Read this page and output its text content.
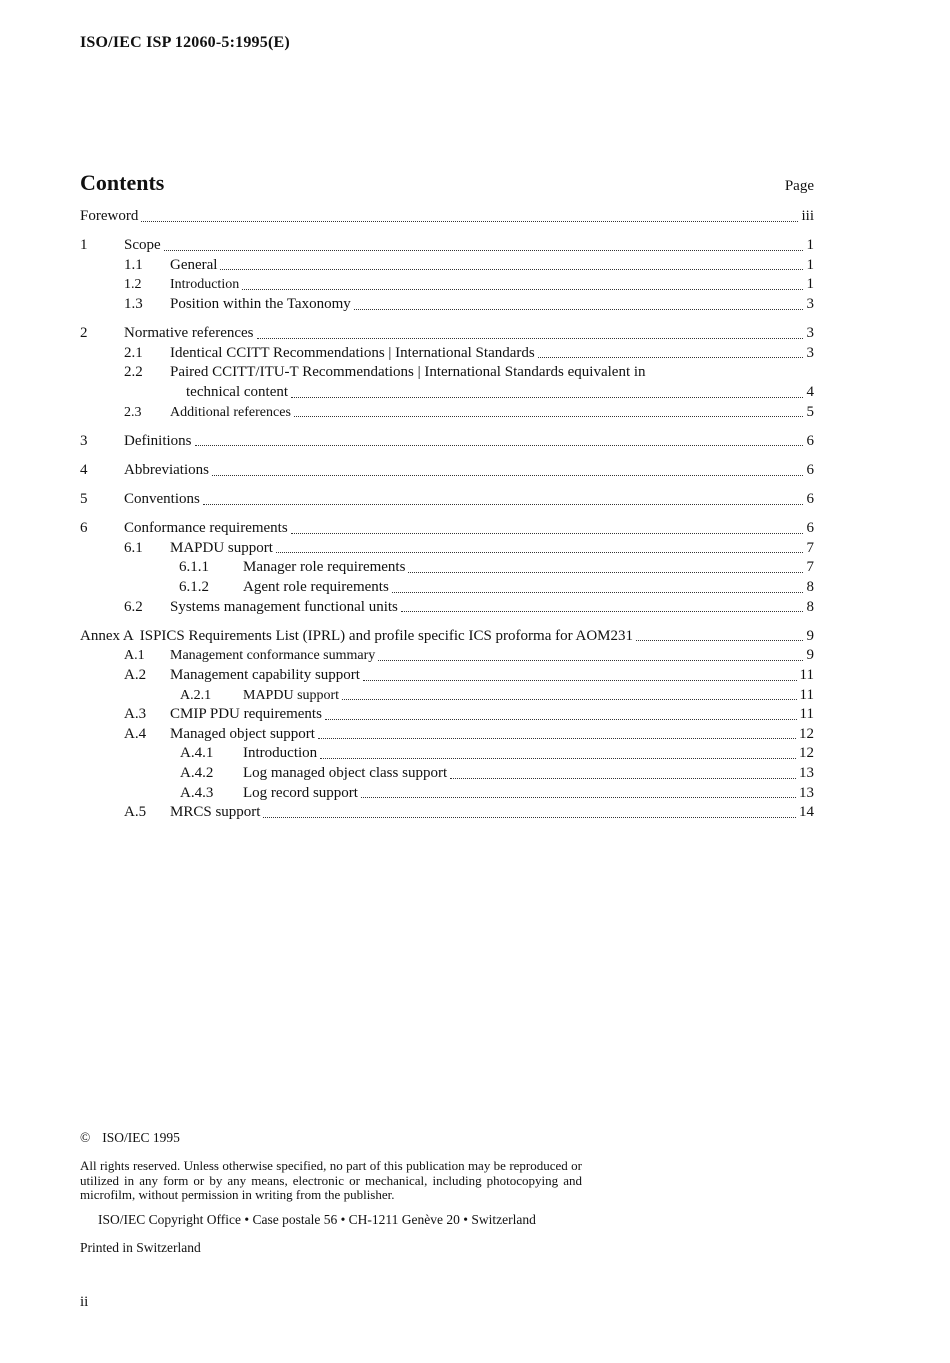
ISO/IEC ISP 12060-5:1995(E)
Contents	Page
Foreword	iii
1	Scope	1
1.1	General	1
1.2	Introduction	1
1.3	Position within the Taxonomy	3
2	Normative references	3
2.1	Identical CCITT Recommendations | International Standards	3
2.2	Paired CCITT/ITU-T Recommendations | International Standards equivalent in
technical content	4
2.3	Additional references	5
3	Definitions	6
4	Abbreviations	6
5	Conventions	6
6	Conformance requirements	6
6.1	MAPDU support	7
6.1.1	Manager role requirements	7
6.1.2	Agent role requirements	8
6.2	Systems management functional units	8
Annex A ISPICS Requirements List (IPRL) and profile specific ICS proforma for AOM231	9
A.1	Management conformance summary	9
A.2	Management capability support	11
A.2.1	MAPDU support	11
A.3	CMIP PDU requirements	11
A.4	Managed object support	12
A.4.1	Introduction	12
A.4.2	Log managed object class support	13
A.4.3	Log record support	13
A.5	MRCS support	14
© ISO/IEC 1995
All rights reserved. Unless otherwise specified, no part of this publication may be reproduced or utilized in any form or by any means, electronic or mechanical, including photocopying and microfilm, without permission in writing from the publisher.
ISO/IEC Copyright Office • Case postale 56 • CH-1211 Genève 20 • Switzerland
Printed in Switzerland
ii
